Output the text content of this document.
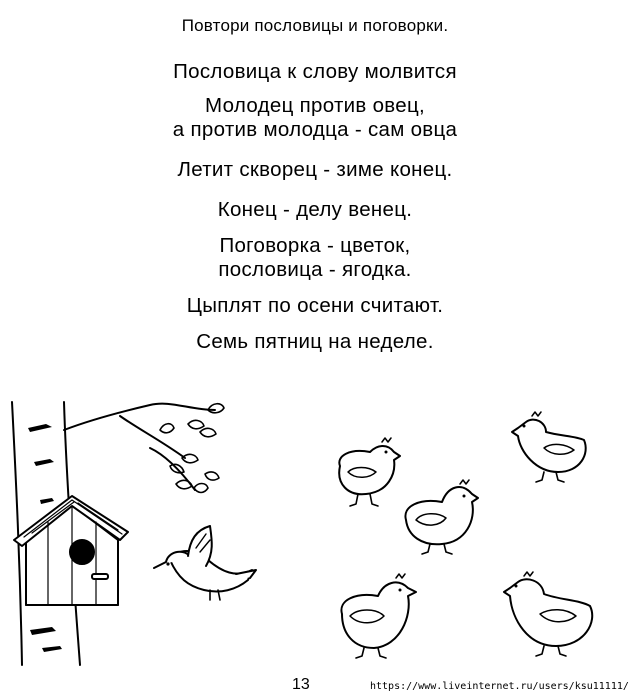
Повтори пословицы и поговорки.
Пословица к слову молвится
Молодец против овец,
а против молодца - сам овца
Летит скворец - зиме конец.
Конец - делу венец.
Поговорка - цветок,
пословица - ягодка.
Цыплят по осени считают.
Семь пятниц на неделе.
13	https://www.liveinternet.ru/users/ksu11111/
